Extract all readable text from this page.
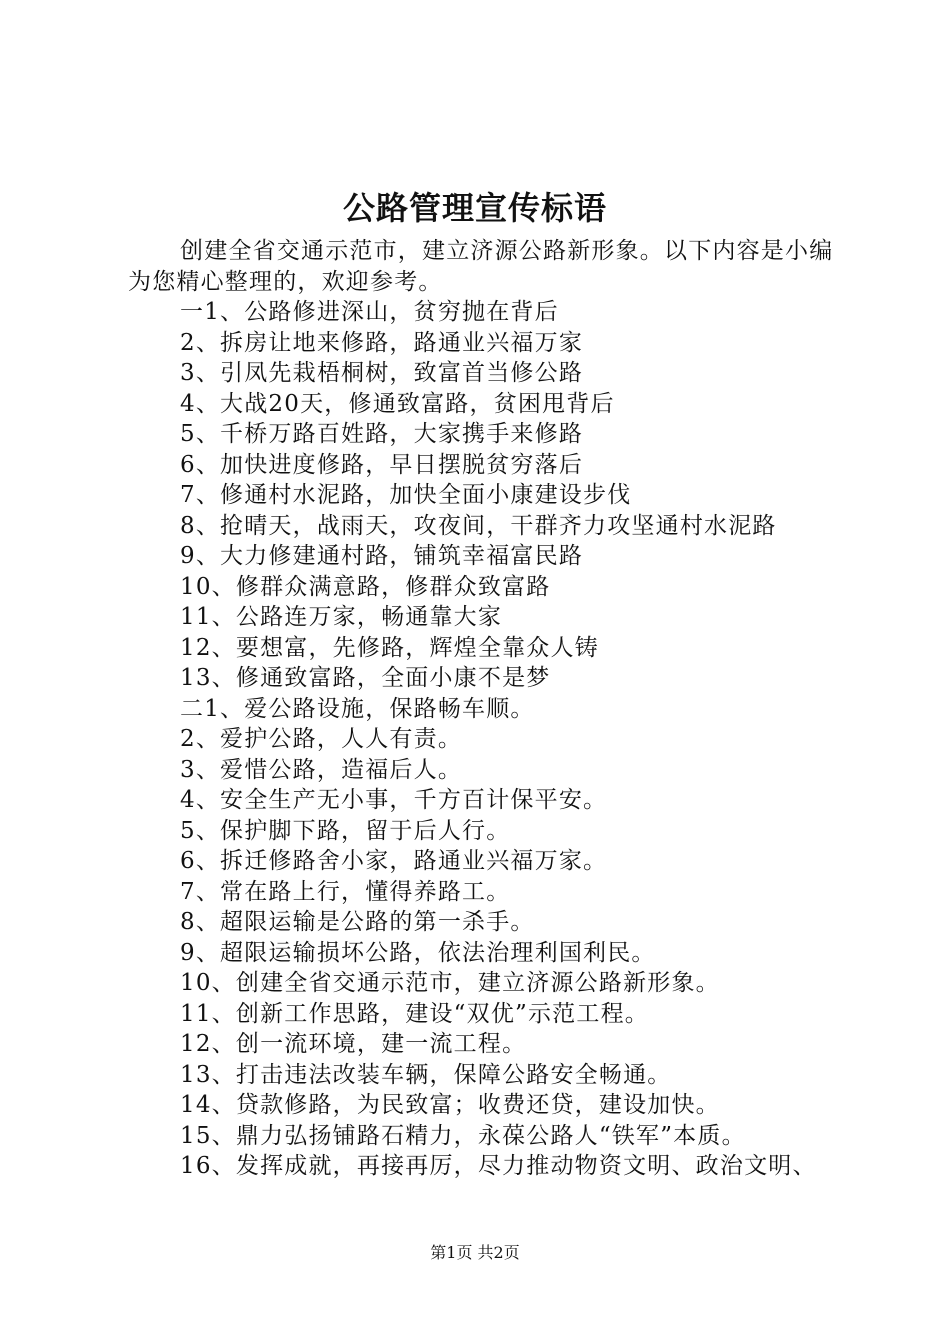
公路管理宣传标语
创建全省交通示范市，建立济源公路新形象。以下内容是小编为您精心整理的，欢迎参考。
一1、公路修进深山，贫穷抛在背后
2、拆房让地来修路，路通业兴福万家
3、引凤先栽梧桐树，致富首当修公路
4、大战20天，修通致富路，贫困甩背后
5、千桥万路百姓路，大家携手来修路
6、加快进度修路，早日摆脱贫穷落后
7、修通村水泥路，加快全面小康建设步伐
8、抢晴天，战雨天，攻夜间，干群齐力攻坚通村水泥路
9、大力修建通村路，铺筑幸福富民路
10、修群众满意路，修群众致富路
11、公路连万家，畅通靠大家
12、要想富，先修路，辉煌全靠众人铸
13、修通致富路，全面小康不是梦
二1、爱公路设施，保路畅车顺。
2、爱护公路，人人有责。
3、爱惜公路，造福后人。
4、安全生产无小事，千方百计保平安。
5、保护脚下路，留于后人行。
6、拆迁修路舍小家，路通业兴福万家。
7、常在路上行，懂得养路工。
8、超限运输是公路的第一杀手。
9、超限运输损坏公路，依法治理利国利民。
10、创建全省交通示范市，建立济源公路新形象。
11、创新工作思路，建设“双优”示范工程。
12、创一流环境，建一流工程。
13、打击违法改装车辆，保障公路安全畅通。
14、贷款修路，为民致富；收费还贷，建设加快。
15、鼎力弘扬铺路石精力，永葆公路人“铁军”本质。
16、发挥成就，再接再厉，尽力推动物资文明、政治文明、
第1页 共2页
